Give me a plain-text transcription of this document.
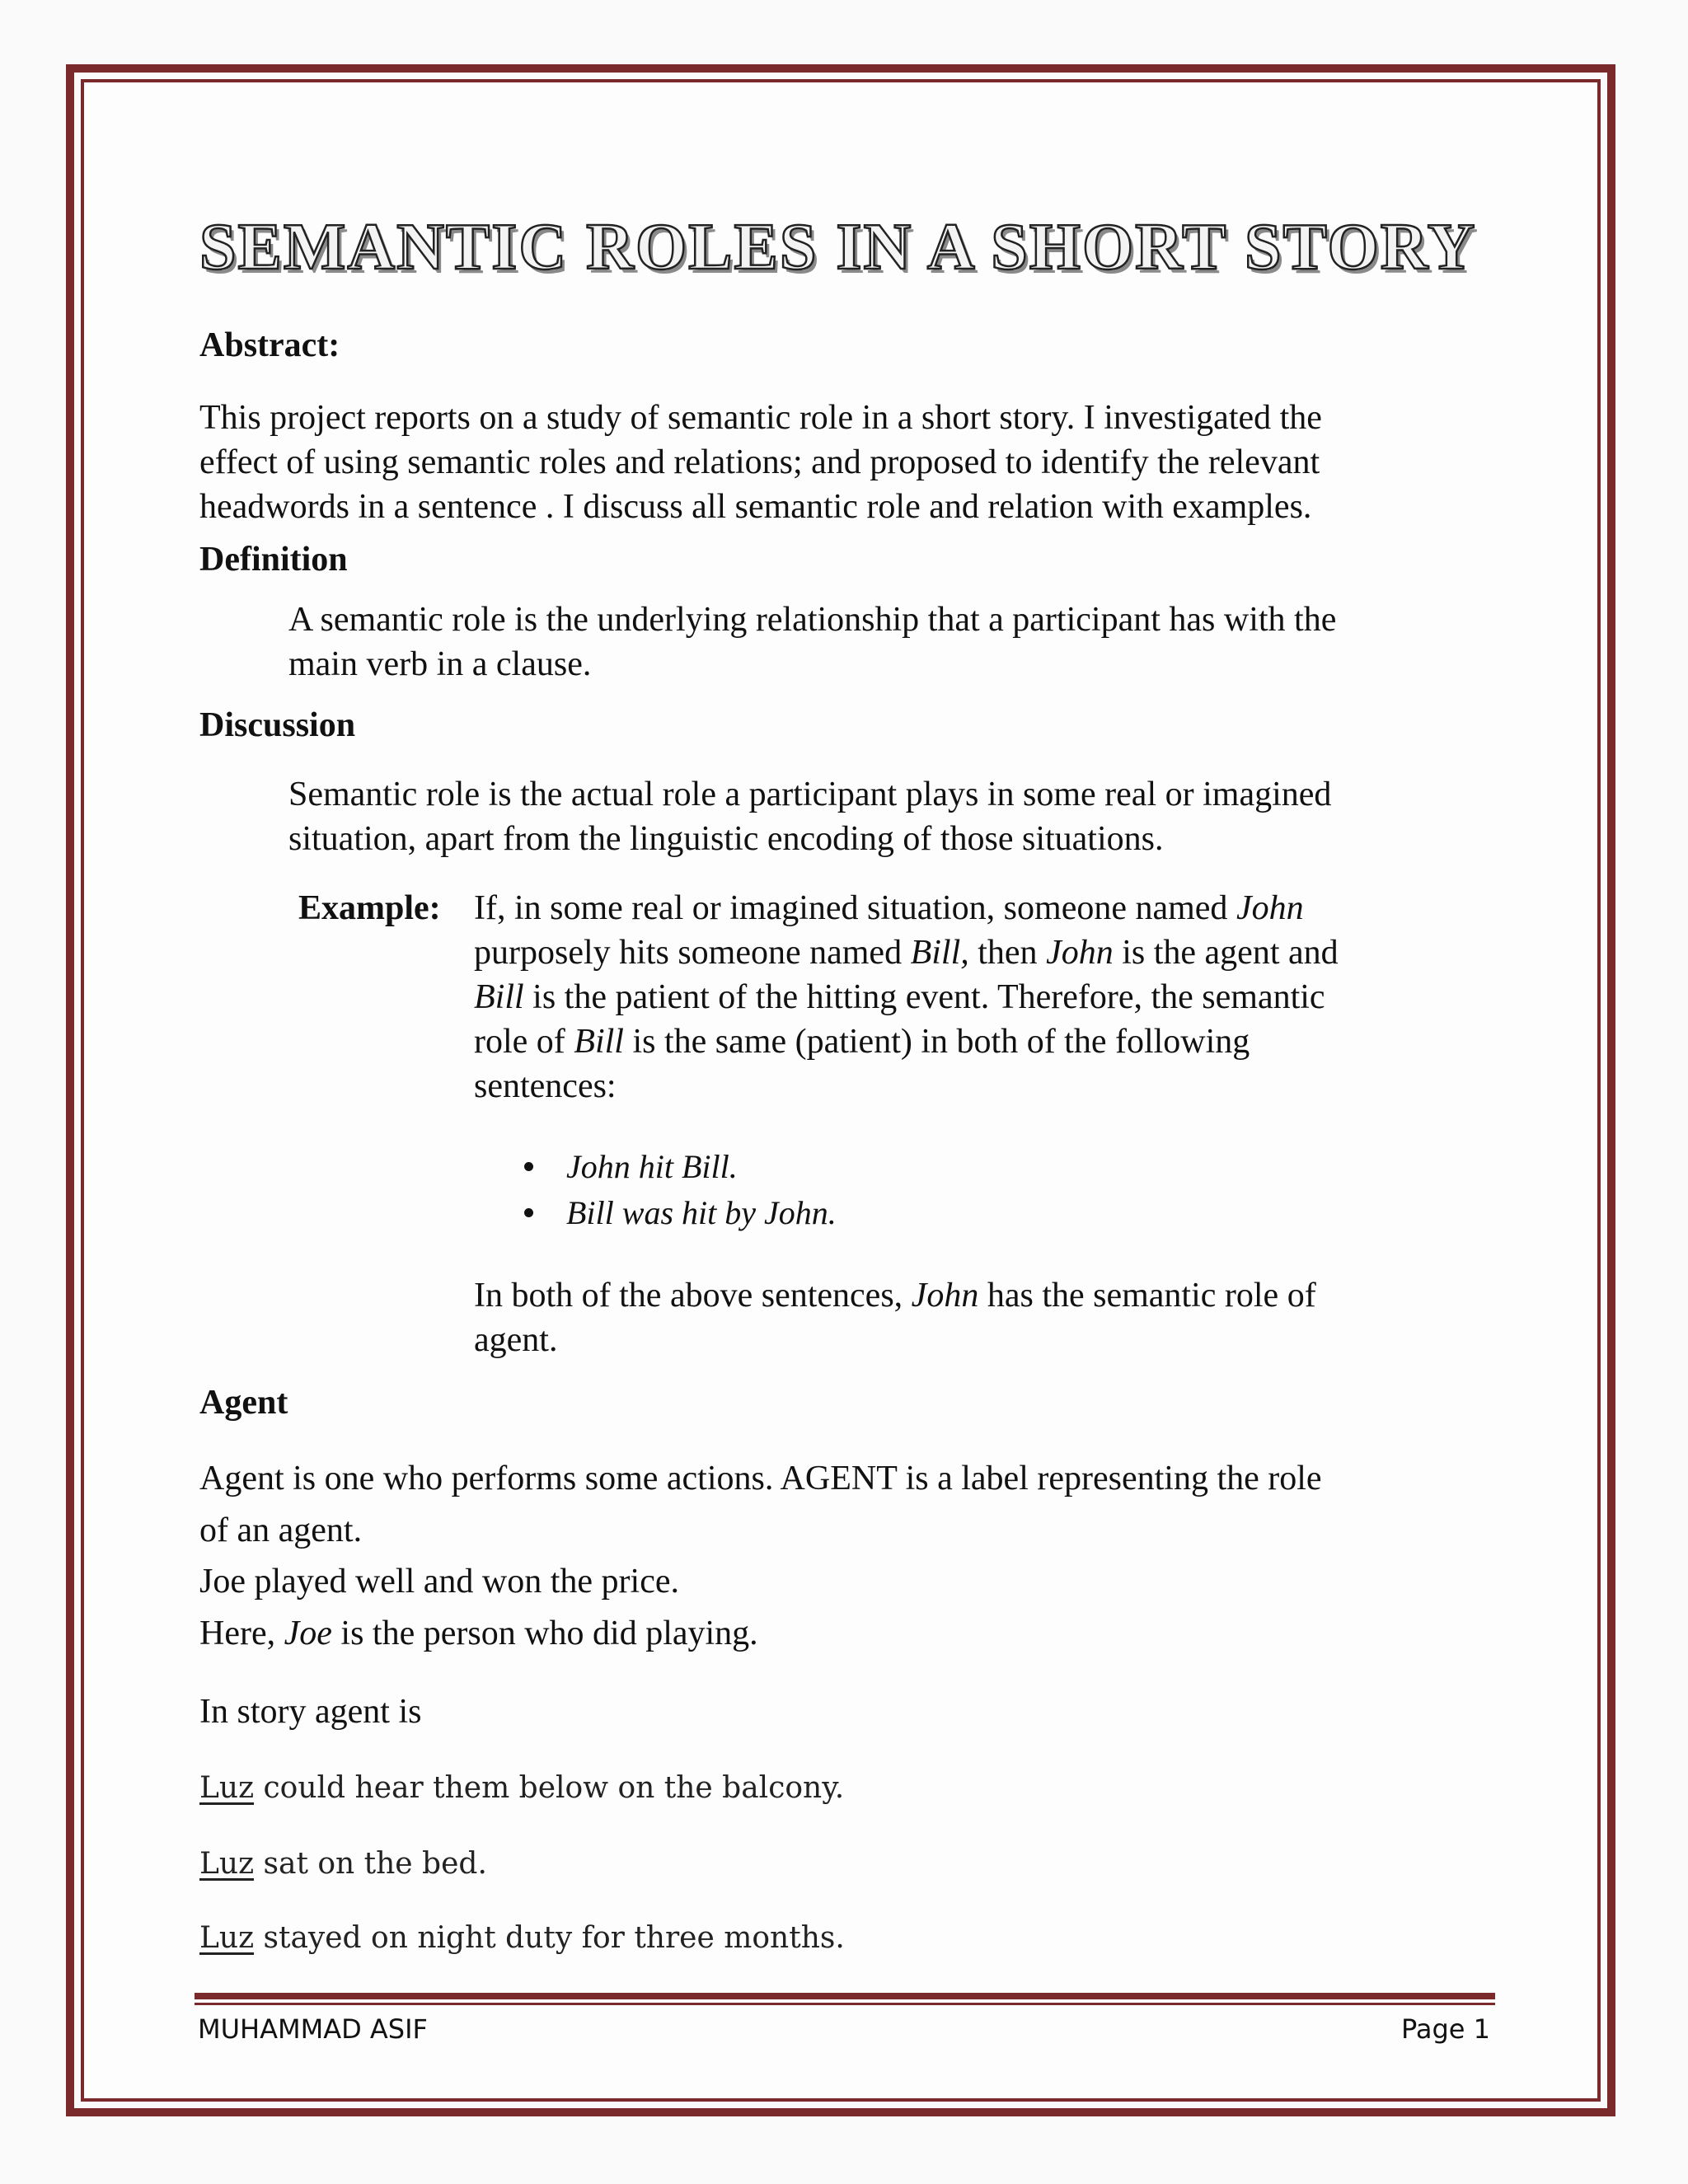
SEMANTIC ROLES IN A SHORT STORY
Abstract:
This project reports on a study of semantic role in a short story. I investigated the
effect of using semantic roles and relations; and proposed to identify the relevant
headwords in a sentence . I discuss all semantic role and relation with examples.
Definition
A semantic role is the underlying relationship that a participant has with the
main verb in a clause.
Discussion
Semantic role is the actual role a participant plays in some real or imagined
situation, apart from the linguistic encoding of those situations.
Example: If, in some real or imagined situation, someone named John
purposely hits someone named Bill, then John is the agent and
Bill is the patient of the hitting event. Therefore, the semantic
role of Bill is the same (patient) in both of the following
sentences:
John hit Bill.
Bill was hit by John.
In both of the above sentences, John has the semantic role of
agent.
Agent
Agent is one who performs some actions. AGENT is a label representing the role
of an agent.
Joe played well and won the price.
Here, Joe is the person who did playing.
In story agent is
Luz could hear them below on the balcony.
Luz sat on the bed.
Luz stayed on night duty for three months.
MUHAMMAD ASIF	Page 1
